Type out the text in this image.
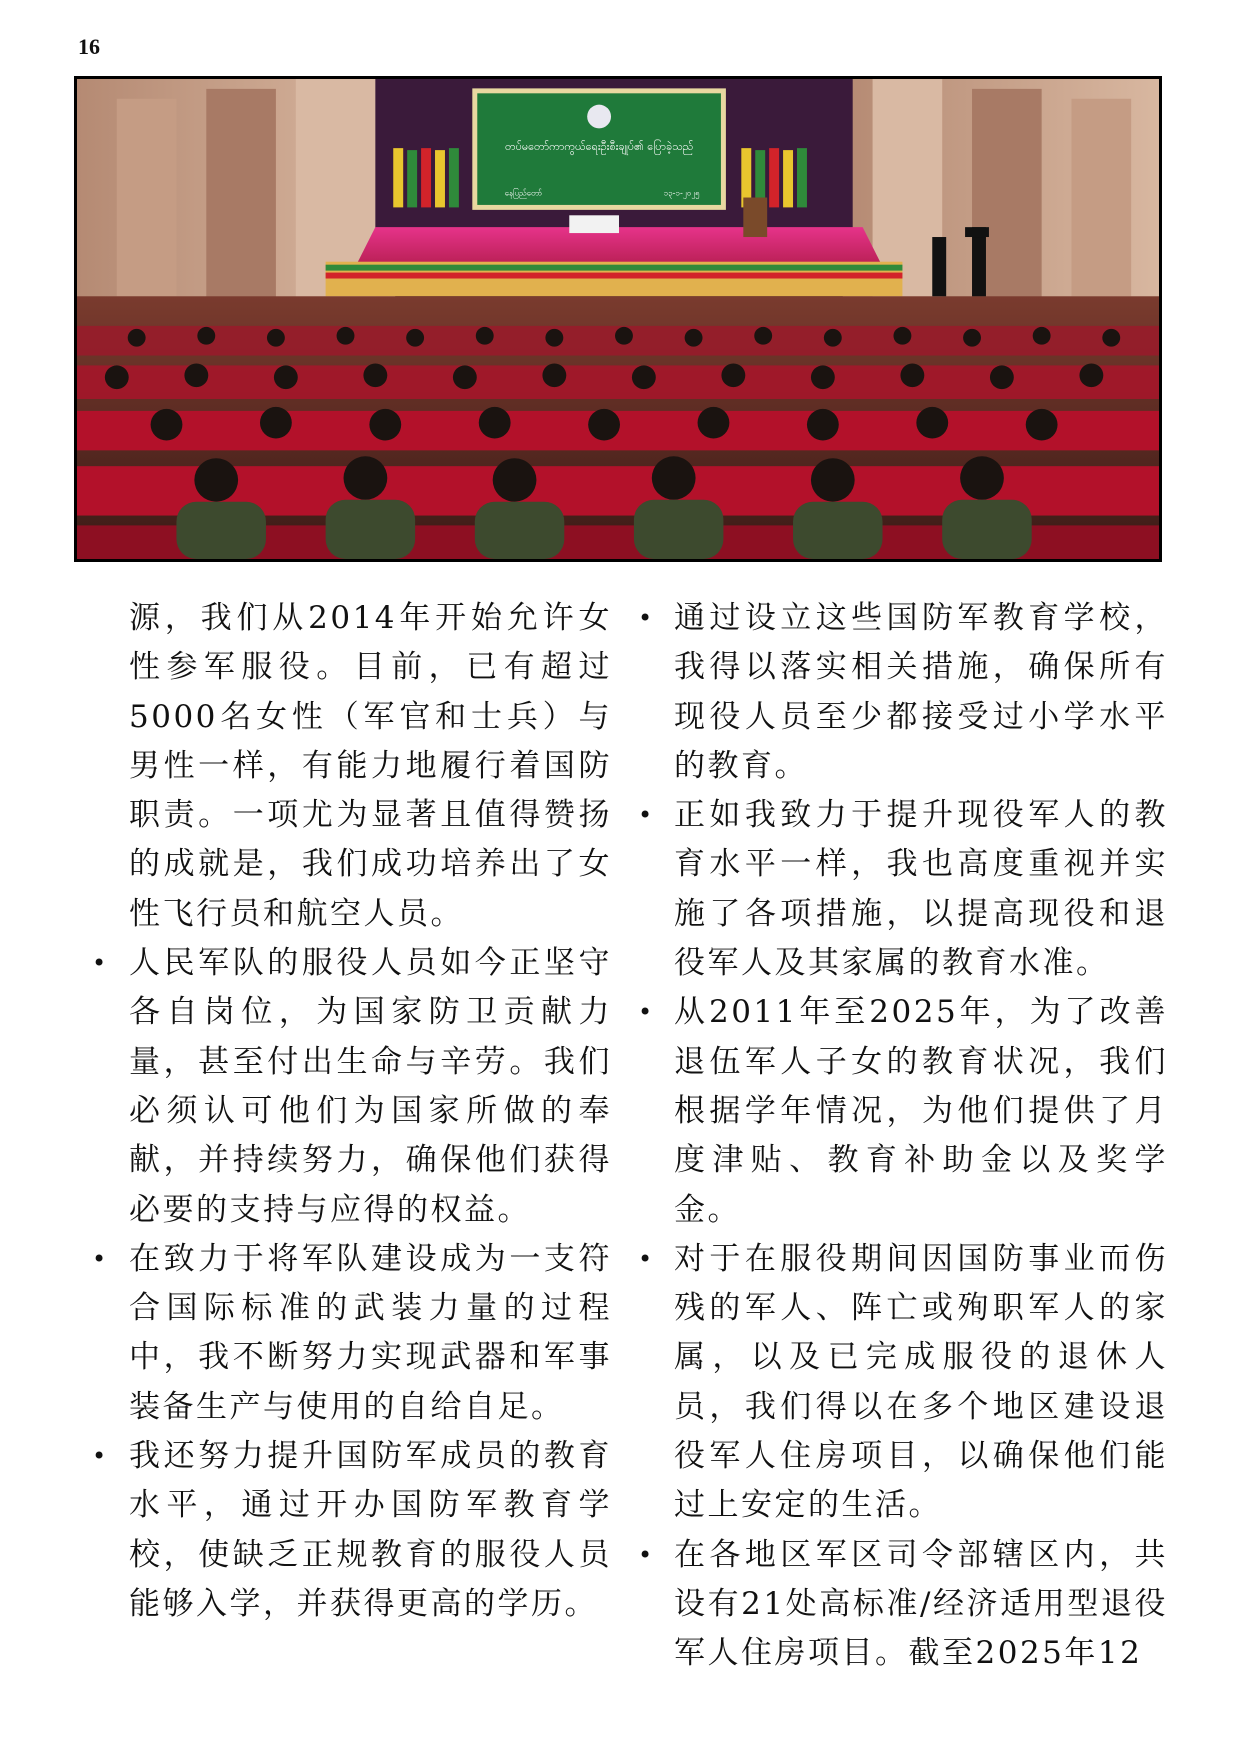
16
တပ်မတော်ကာကွယ်ရေးဦးစီးချုပ်၏ ပြောခဲ့သည်
နေပြည်တော်	၁၃-၁-၂၀၂၅

源，我们从2014年开始允许女性参军服役。目前，已有超过5000名女性（军官和士兵）与男性一样，有能力地履行着国防职责。一项尤为显著且值得赞扬的成就是，我们成功培养出了女性飞行员和航空人员。

• 人民军队的服役人员如今正坚守各自岗位，为国家防卫贡献力量，甚至付出生命与辛劳。我们必须认可他们为国家所做的奉献，并持续努力，确保他们获得必要的支持与应得的权益。
• 在致力于将军队建设成为一支符合国际标准的武装力量的过程中，我不断努力实现武器和军事装备生产与使用的自给自足。
• 我还努力提升国防军成员的教育水平，通过开办国防军教育学校，使缺乏正规教育的服役人员能够入学，并获得更高的学历。
• 通过设立这些国防军教育学校，我得以落实相关措施，确保所有现役人员至少都接受过小学水平的教育。
• 正如我致力于提升现役军人的教育水平一样，我也高度重视并实施了各项措施，以提高现役和退役军人及其家属的教育水准。
• 从2011年至2025年，为了改善退伍军人子女的教育状况，我们根据学年情况，为他们提供了月度津贴、教育补助金以及奖学金。
• 对于在服役期间因国防事业而伤残的军人、阵亡或殉职军人的家属，以及已完成服役的退休人员，我们得以在多个地区建设退役军人住房项目，以确保他们能过上安定的生活。
• 在各地区军区司令部辖区内，共设有21处高标准/经济适用型退役军人住房项目。截至2025年12
